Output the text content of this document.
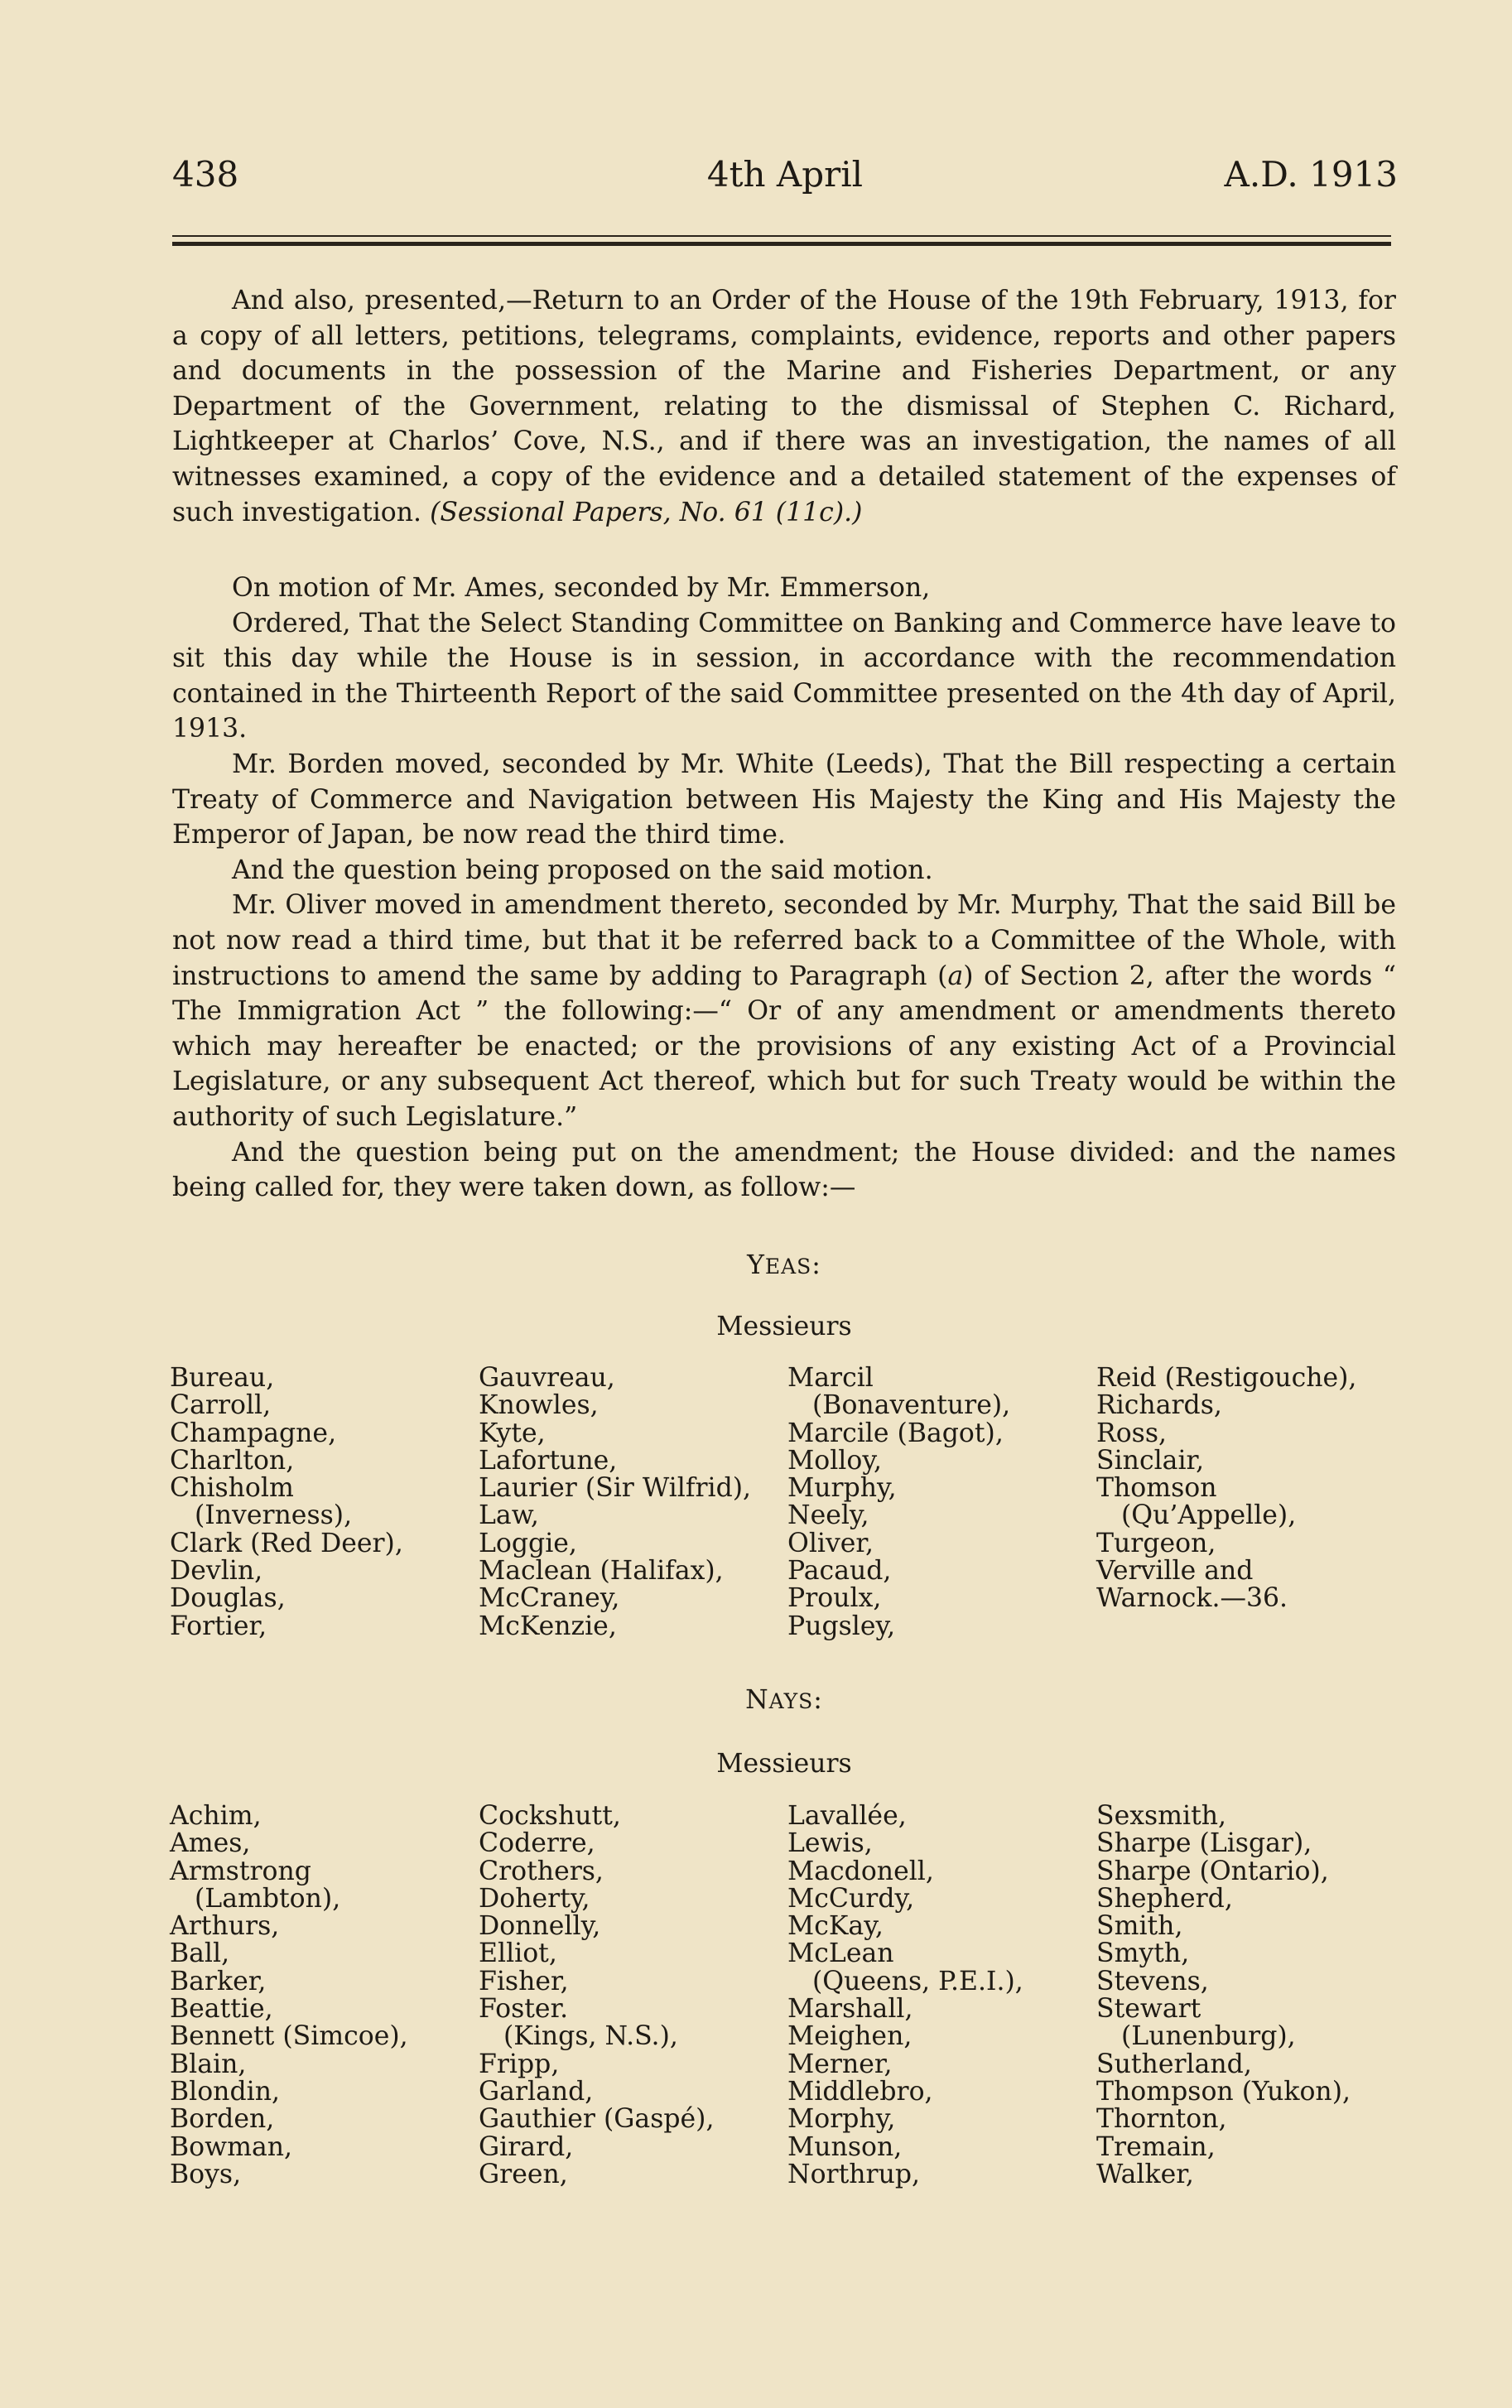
438	4th April	A.D. 1913

And also, presented,—Return to an Order of the House of the 19th February, 1913, for a copy of all letters, petitions, telegrams, complaints, evidence, reports and other papers and documents in the possession of the Marine and Fisheries Department, or any Department of the Government, relating to the dismissal of Stephen C. Richard, Lightkeeper at Charlos’ Cove, N.S., and if there was an investigation, the names of all witnesses examined, a copy of the evidence and a detailed statement of the expenses of such investigation. (Sessional Papers, No. 61 (11c).)

On motion of Mr. Ames, seconded by Mr. Emmerson,

Ordered, That the Select Standing Committee on Banking and Commerce have leave to sit this day while the House is in session, in accordance with the recommendation contained in the Thirteenth Report of the said Committee presented on the 4th day of April, 1913.

Mr. Borden moved, seconded by Mr. White (Leeds), That the Bill respecting a certain Treaty of Commerce and Navigation between His Majesty the King and His Majesty the Emperor of Japan, be now read the third time.

And the question being proposed on the said motion.

Mr. Oliver moved in amendment thereto, seconded by Mr. Murphy, That the said Bill be not now read a third time, but that it be referred back to a Committee of the Whole, with instructions to amend the same by adding to Paragraph (a) of Section 2, after the words “ The Immigration Act ” the following:—“ Or of any amendment or amendments thereto which may hereafter be enacted; or the provisions of any existing Act of a Provincial Legislature, or any subsequent Act thereof, which but for such Treaty would be within the authority of such Legislature.”

And the question being put on the amendment; the House divided: and the names being called for, they were taken down, as follow:—

YEAS:
Messieurs
Bureau,
Carroll,
Champagne,
Charlton,
Chisholm
(Inverness),
Clark (Red Deer),
Devlin,
Douglas,
Fortier,
Gauvreau,
Knowles,
Kyte,
Lafortune,
Laurier (Sir Wilfrid),
Law,
Loggie,
Maclean (Halifax),
McCraney,
McKenzie,
Marcil
(Bonaventure),
Marcile (Bagot),
Molloy,
Murphy,
Neely,
Oliver,
Pacaud,
Proulx,
Pugsley,
Reid (Restigouche),
Richards,
Ross,
Sinclair,
Thomson
(Qu’Appelle),
Turgeon,
Verville and
Warnock.—36.
NAYS:
Messieurs
Achim,
Ames,
Armstrong
(Lambton),
Arthurs,
Ball,
Barker,
Beattie,
Bennett (Simcoe),
Blain,
Blondin,
Borden,
Bowman,
Boys,
Cockshutt,
Coderre,
Crothers,
Doherty,
Donnelly,
Elliot,
Fisher,
Foster.
(Kings, N.S.),
Fripp,
Garland,
Gauthier (Gaspé),
Girard,
Green,
Lavallée,
Lewis,
Macdonell,
McCurdy,
McKay,
McLean
(Queens, P.E.I.),
Marshall,
Meighen,
Merner,
Middlebro,
Morphy,
Munson,
Northrup,
Sexsmith,
Sharpe (Lisgar),
Sharpe (Ontario),
Shepherd,
Smith,
Smyth,
Stevens,
Stewart
(Lunenburg),
Sutherland,
Thompson (Yukon),
Thornton,
Tremain,
Walker,
